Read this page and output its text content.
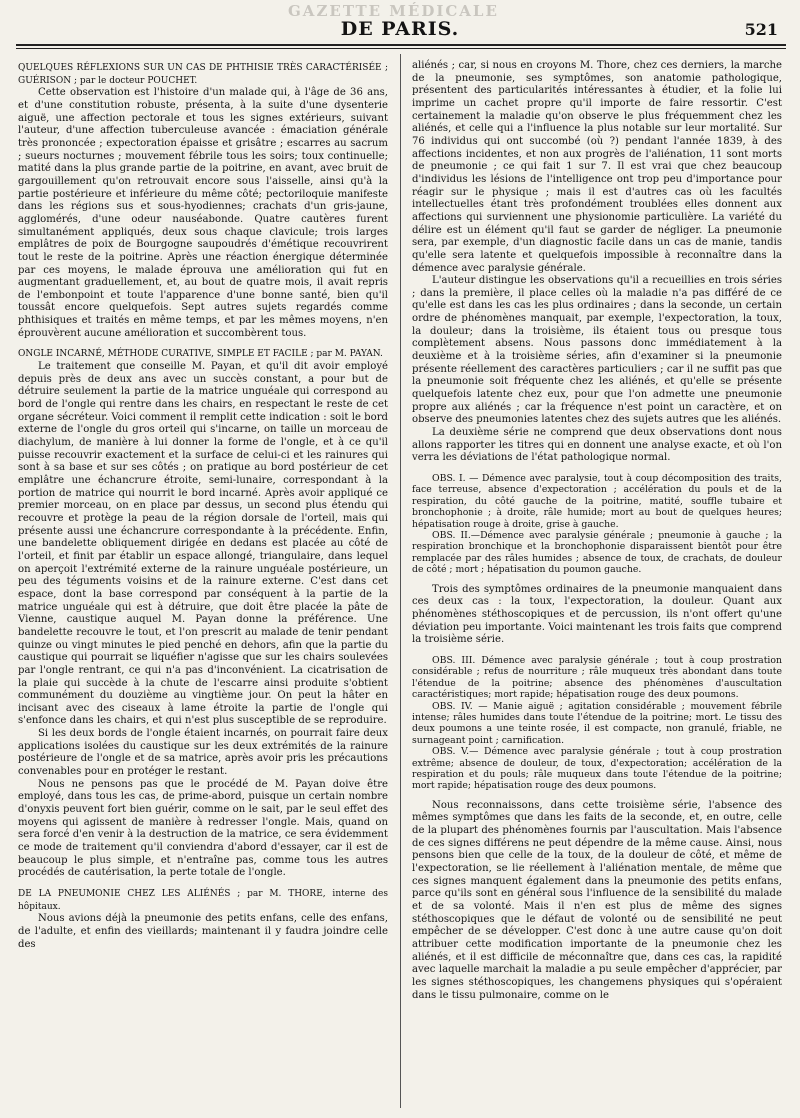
GAZETTE MÉDICALE
DE PARIS.	521

QUELQUES RÉFLEXIONS SUR UN CAS DE PHTHISIE TRÈS CARACTÉRISÉE ; GUÉRISON ; par le docteur POUCHET.

Cette observation est l'histoire d'un malade qui, à l'âge de 36 ans, et d'une constitution robuste, présenta, à la suite d'une dysenterie aiguë, une affection pectorale et tous les signes extérieurs, suivant l'auteur, d'une affection tuberculeuse avancée : émaciation générale très prononcée ; expectoration épaisse et grisâtre ; escarres au sacrum ; sueurs nocturnes ; mouvement fébrile tous les soirs; toux continuelle; matité dans la plus grande partie de la poitrine, en avant, avec bruit de gargouillement qu'on retrouvait encore sous l'aisselle, ainsi qu'à la partie postérieure et inférieure du même côté; pectoriloquie manifeste dans les régions sus et sous-hyodiennes; crachats d'un gris-jaune, agglomérés, d'une odeur nauséabonde. Quatre cautères furent simultanément appliqués, deux sous chaque clavicule; trois larges emplâtres de poix de Bourgogne saupoudrés d'émétique recouvrirent tout le reste de la poitrine. Après une réaction énergique déterminée par ces moyens, le malade éprouva une amélioration qui fut en augmentant graduellement, et, au bout de quatre mois, il avait repris de l'embonpoint et toute l'apparence d'une bonne santé, bien qu'il toussât encore quelquefois. Sept autres sujets regardés comme phthisiques et traités en même temps, et par les mêmes moyens, n'en éprouvèrent aucune amélioration et succombèrent tous.

ONGLE INCARNÉ, MÉTHODE CURATIVE, SIMPLE ET FACILE ; par M. PAYAN.

Le traitement que conseille M. Payan, et qu'il dit avoir employé depuis près de deux ans avec un succès constant, a pour but de détruire seulement la partie de la matrice unguéale qui correspond au bord de l'ongle qui rentre dans les chairs, en respectant le reste de cet organe sécréteur. Voici comment il remplit cette indication : soit le bord externe de l'ongle du gros orteil qui s'incarne, on taille un morceau de diachylum, de manière à lui donner la forme de l'ongle, et à ce qu'il puisse recouvrir exactement et la surface de celui-ci et les rainures qui sont à sa base et sur ses côtés ; on pratique au bord postérieur de cet emplâtre une échancrure étroite, semi-lunaire, correspondant à la portion de matrice qui nourrit le bord incarné. Après avoir appliqué ce premier morceau, on en place par dessus, un second plus étendu qui recouvre et protège la peau de la région dorsale de l'orteil, mais qui présente aussi une échancrure correspondante à la précédente. Enfin, une bandelette obliquement dirigée en dedans est placée au côté de l'orteil, et finit par établir un espace allongé, triangulaire, dans lequel on aperçoit l'extrémité externe de la rainure unguéale postérieure, un peu des téguments voisins et de la rainure externe. C'est dans cet espace, dont la base correspond par conséquent à la partie de la matrice unguéale qui est à détruire, que doit être placée la pâte de Vienne, caustique auquel M. Payan donne la préférence. Une bandelette recouvre le tout, et l'on prescrit au malade de tenir pendant quinze ou vingt minutes le pied penché en dehors, afin que la partie du caustique qui pourrait se liquéfier n'agisse que sur les chairs soulevées par l'ongle rentrant, ce qui n'a pas d'inconvénient. La cicatrisation de la plaie qui succède à la chute de l'escarre ainsi produite s'obtient communément du douzième au vingtième jour. On peut la hâter en incisant avec des ciseaux à lame étroite la partie de l'ongle qui s'enfonce dans les chairs, et qui n'est plus susceptible de se reproduire.

Si les deux bords de l'ongle étaient incarnés, on pourrait faire deux applications isolées du caustique sur les deux extrémités de la rainure postérieure de l'ongle et de sa matrice, après avoir pris les précautions convenables pour en protéger le restant.

Nous ne pensons pas que le procédé de M. Payan doive être employé, dans tous les cas, de prime-abord, puisque un certain nombre d'onyxis peuvent fort bien guérir, comme on le sait, par le seul effet des moyens qui agissent de manière à redresser l'ongle. Mais, quand on sera forcé d'en venir à la destruction de la matrice, ce sera évidemment ce mode de traitement qu'il conviendra d'abord d'essayer, car il est de beaucoup le plus simple, et n'entraîne pas, comme tous les autres procédés de cautérisation, la perte totale de l'ongle.

DE LA PNEUMONIE CHEZ LES ALIÉNÉS ; par M. THORE, interne des hôpitaux.

Nous avions déjà la pneumonie des petits enfans, celle des enfans, de l'adulte, et enfin des vieillards; maintenant il y faudra joindre celle des

aliénés ; car, si nous en croyons M. Thore, chez ces derniers, la marche de la pneumonie, ses symptômes, son anatomie pathologique, présentent des particularités intéressantes à étudier, et la folie lui imprime un cachet propre qu'il importe de faire ressortir. C'est certainement la maladie qu'on observe le plus fréquemment chez les aliénés, et celle qui a l'influence la plus notable sur leur mortalité. Sur 76 individus qui ont succombé (où ?) pendant l'année 1839, à des affections incidentes, et non aux progrès de l'aliénation, 11 sont morts de pneumonie ; ce qui fait 1 sur 7. Il est vrai que chez beaucoup d'individus les lésions de l'intelligence ont trop peu d'importance pour réagir sur le physique ; mais il est d'autres cas où les facultés intellectuelles étant très profondément troublées elles donnent aux affections qui surviennent une physionomie particulière. La variété du délire est un élément qu'il faut se garder de négliger. La pneumonie sera, par exemple, d'un diagnostic facile dans un cas de manie, tandis qu'elle sera latente et quelquefois impossible à reconnaître dans la démence avec paralysie générale.

L'auteur distingue les observations qu'il a recueillies en trois séries ; dans la première, il place celles où la maladie n'a pas différé de ce qu'elle est dans les cas les plus ordinaires ; dans la seconde, un certain ordre de phénomènes manquait, par exemple, l'expectoration, la toux, la douleur; dans la troisième, ils étaient tous ou presque tous complètement absens. Nous passons donc immédiatement à la deuxième et à la troisième séries, afin d'examiner si la pneumonie présente réellement des caractères particuliers ; car il ne suffit pas que la pneumonie soit fréquente chez les aliénés, et qu'elle se présente quelquefois latente chez eux, pour que l'on admette une pneumonie propre aux aliénés ; car la fréquence n'est point un caractère, et on observe des pneumonies latentes chez des sujets autres que les aliénés.

La deuxième série ne comprend que deux observations dont nous allons rapporter les titres qui en donnent une analyse exacte, et où l'on verra les déviations de l'état pathologique normal.

OBS. I. — Démence avec paralysie, tout à coup décomposition des traits, face terreuse, absence d'expectoration ; accélération du pouls et de la respiration, du côté gauche de la poitrine, matité, souffle tubaire et bronchophonie ; à droite, râle humide; mort au bout de quelques heures; hépatisation rouge à droite, grise à gauche.

OBS. II.—Démence avec paralysie générale ; pneumonie à gauche ; la respiration bronchique et la bronchophonie disparaissent bientôt pour être remplacée par des râles humides ; absence de toux, de crachats, de douleur de côté ; mort ; hépatisation du poumon gauche.

Trois des symptômes ordinaires de la pneumonie manquaient dans ces deux cas : la toux, l'expectoration, la douleur. Quant aux phénomènes stéthoscopiques et de percussion, ils n'ont offert qu'une déviation peu importante. Voici maintenant les trois faits que comprend la troisième série.

OBS. III. Démence avec paralysie générale ; tout à coup prostration considérable ; refus de nourriture ; râle muqueux très abondant dans toute l'étendue de la poitrine; absence des phénomènes d'auscultation caractéristiques; mort rapide; hépatisation rouge des deux poumons.

OBS. IV. — Manie aiguë ; agitation considérable ; mouvement fébrile intense; râles humides dans toute l'étendue de la poitrine; mort. Le tissu des deux poumons a une teinte rosée, il est compacte, non granulé, friable, ne surnageant point ; carnification.

OBS. V.— Démence avec paralysie générale ; tout à coup prostration extrême; absence de douleur, de toux, d'expectoration; accélération de la respiration et du pouls; râle muqueux dans toute l'étendue de la poitrine; mort rapide; hépatisation rouge des deux poumons.

Nous reconnaissons, dans cette troisième série, l'absence des mêmes symptômes que dans les faits de la seconde, et, en outre, celle de la plupart des phénomènes fournis par l'auscultation. Mais l'absence de ces signes différens ne peut dépendre de la même cause. Ainsi, nous pensons bien que celle de la toux, de la douleur de côté, et même de l'expectoration, se lie réellement à l'aliénation mentale, de même que ces signes manquent également dans la pneumonie des petits enfans, parce qu'ils sont en général sous l'influence de la sensibilité du malade et de sa volonté. Mais il n'en est plus de même des signes stéthoscopiques que le défaut de volonté ou de sensibilité ne peut empêcher de se développer. C'est donc à une autre cause qu'on doit attribuer cette modification importante de la pneumonie chez les aliénés, et il est difficile de méconnaître que, dans ces cas, la rapidité avec laquelle marchait la maladie a pu seule empêcher d'apprécier, par les signes stéthoscopiques, les changemens physiques qui s'opéraient dans le tissu pulmonaire, comme on le
